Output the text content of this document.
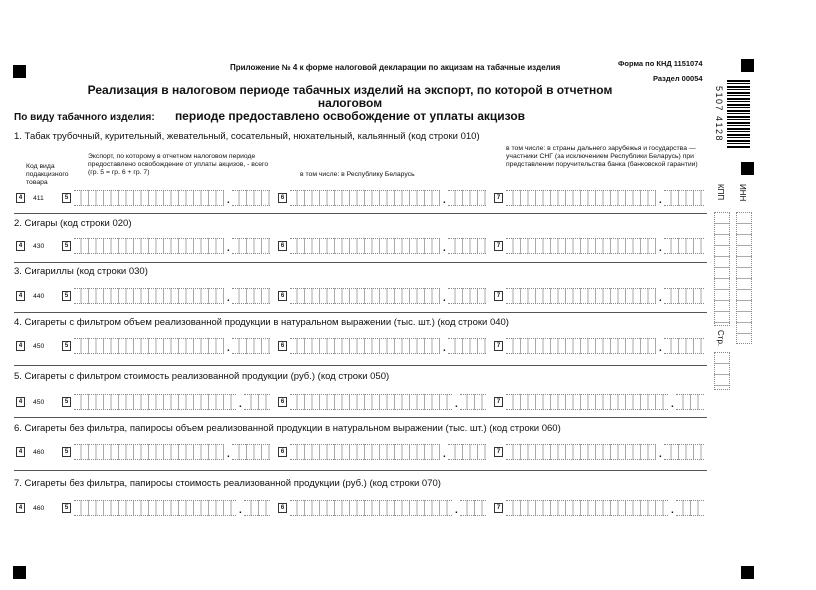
Приложение № 4 к форме налоговой декларации по акцизам на табачные изделия	Форма по КНД 1151074
Раздел 00054
Реализация в налоговом периоде табачных изделий на экспорт, по которой в отчетном налоговом
периоде предоставлено освобождение от уплаты акцизов
По виду табачного изделия:	5107 4128
ИНН
КПП
Стр.
1. Табак трубочный, курительный, жевательный, сосательный, нюхательный, кальянный (код строки 010)
Код вида подакцизного товара
Экспорт, по которому в отчетном налоговом периоде предоставлено освобождение от уплаты акцизов, - всего (гр. 5 = гр. 6 + гр. 7)	в том числе: в Республику Беларусь
в том числе: в страны дальнего зарубежья и государства — участники СНГ (за исключением Республики Беларусь) при представлении поручительства банка (банковской гарантии)
4	411	5	.	6	.	7	.
2. Сигары (код строки 020)
4	430	5	.	6	.	7	.
3. Сигариллы (код строки 030)
4	440	5	.	6	.	7	.
4. Сигареты с фильтром объем реализованной продукции в натуральном выражении (тыс. шт.) (код строки 040)
4	450	5	.	6	.	7	.
5. Сигареты с фильтром стоимость реализованной продукции (руб.) (код строки 050)
4	450	5	.	6	.	7	.
6. Сигареты без фильтра, папиросы объем реализованной продукции в натуральном выражении (тыс. шт.) (код строки 060)
4	460	5	.	6	.	7	.
7. Сигареты без фильтра, папиросы стоимость реализованной продукции (руб.) (код строки 070)
4	460	5	.	6	.	7	.
